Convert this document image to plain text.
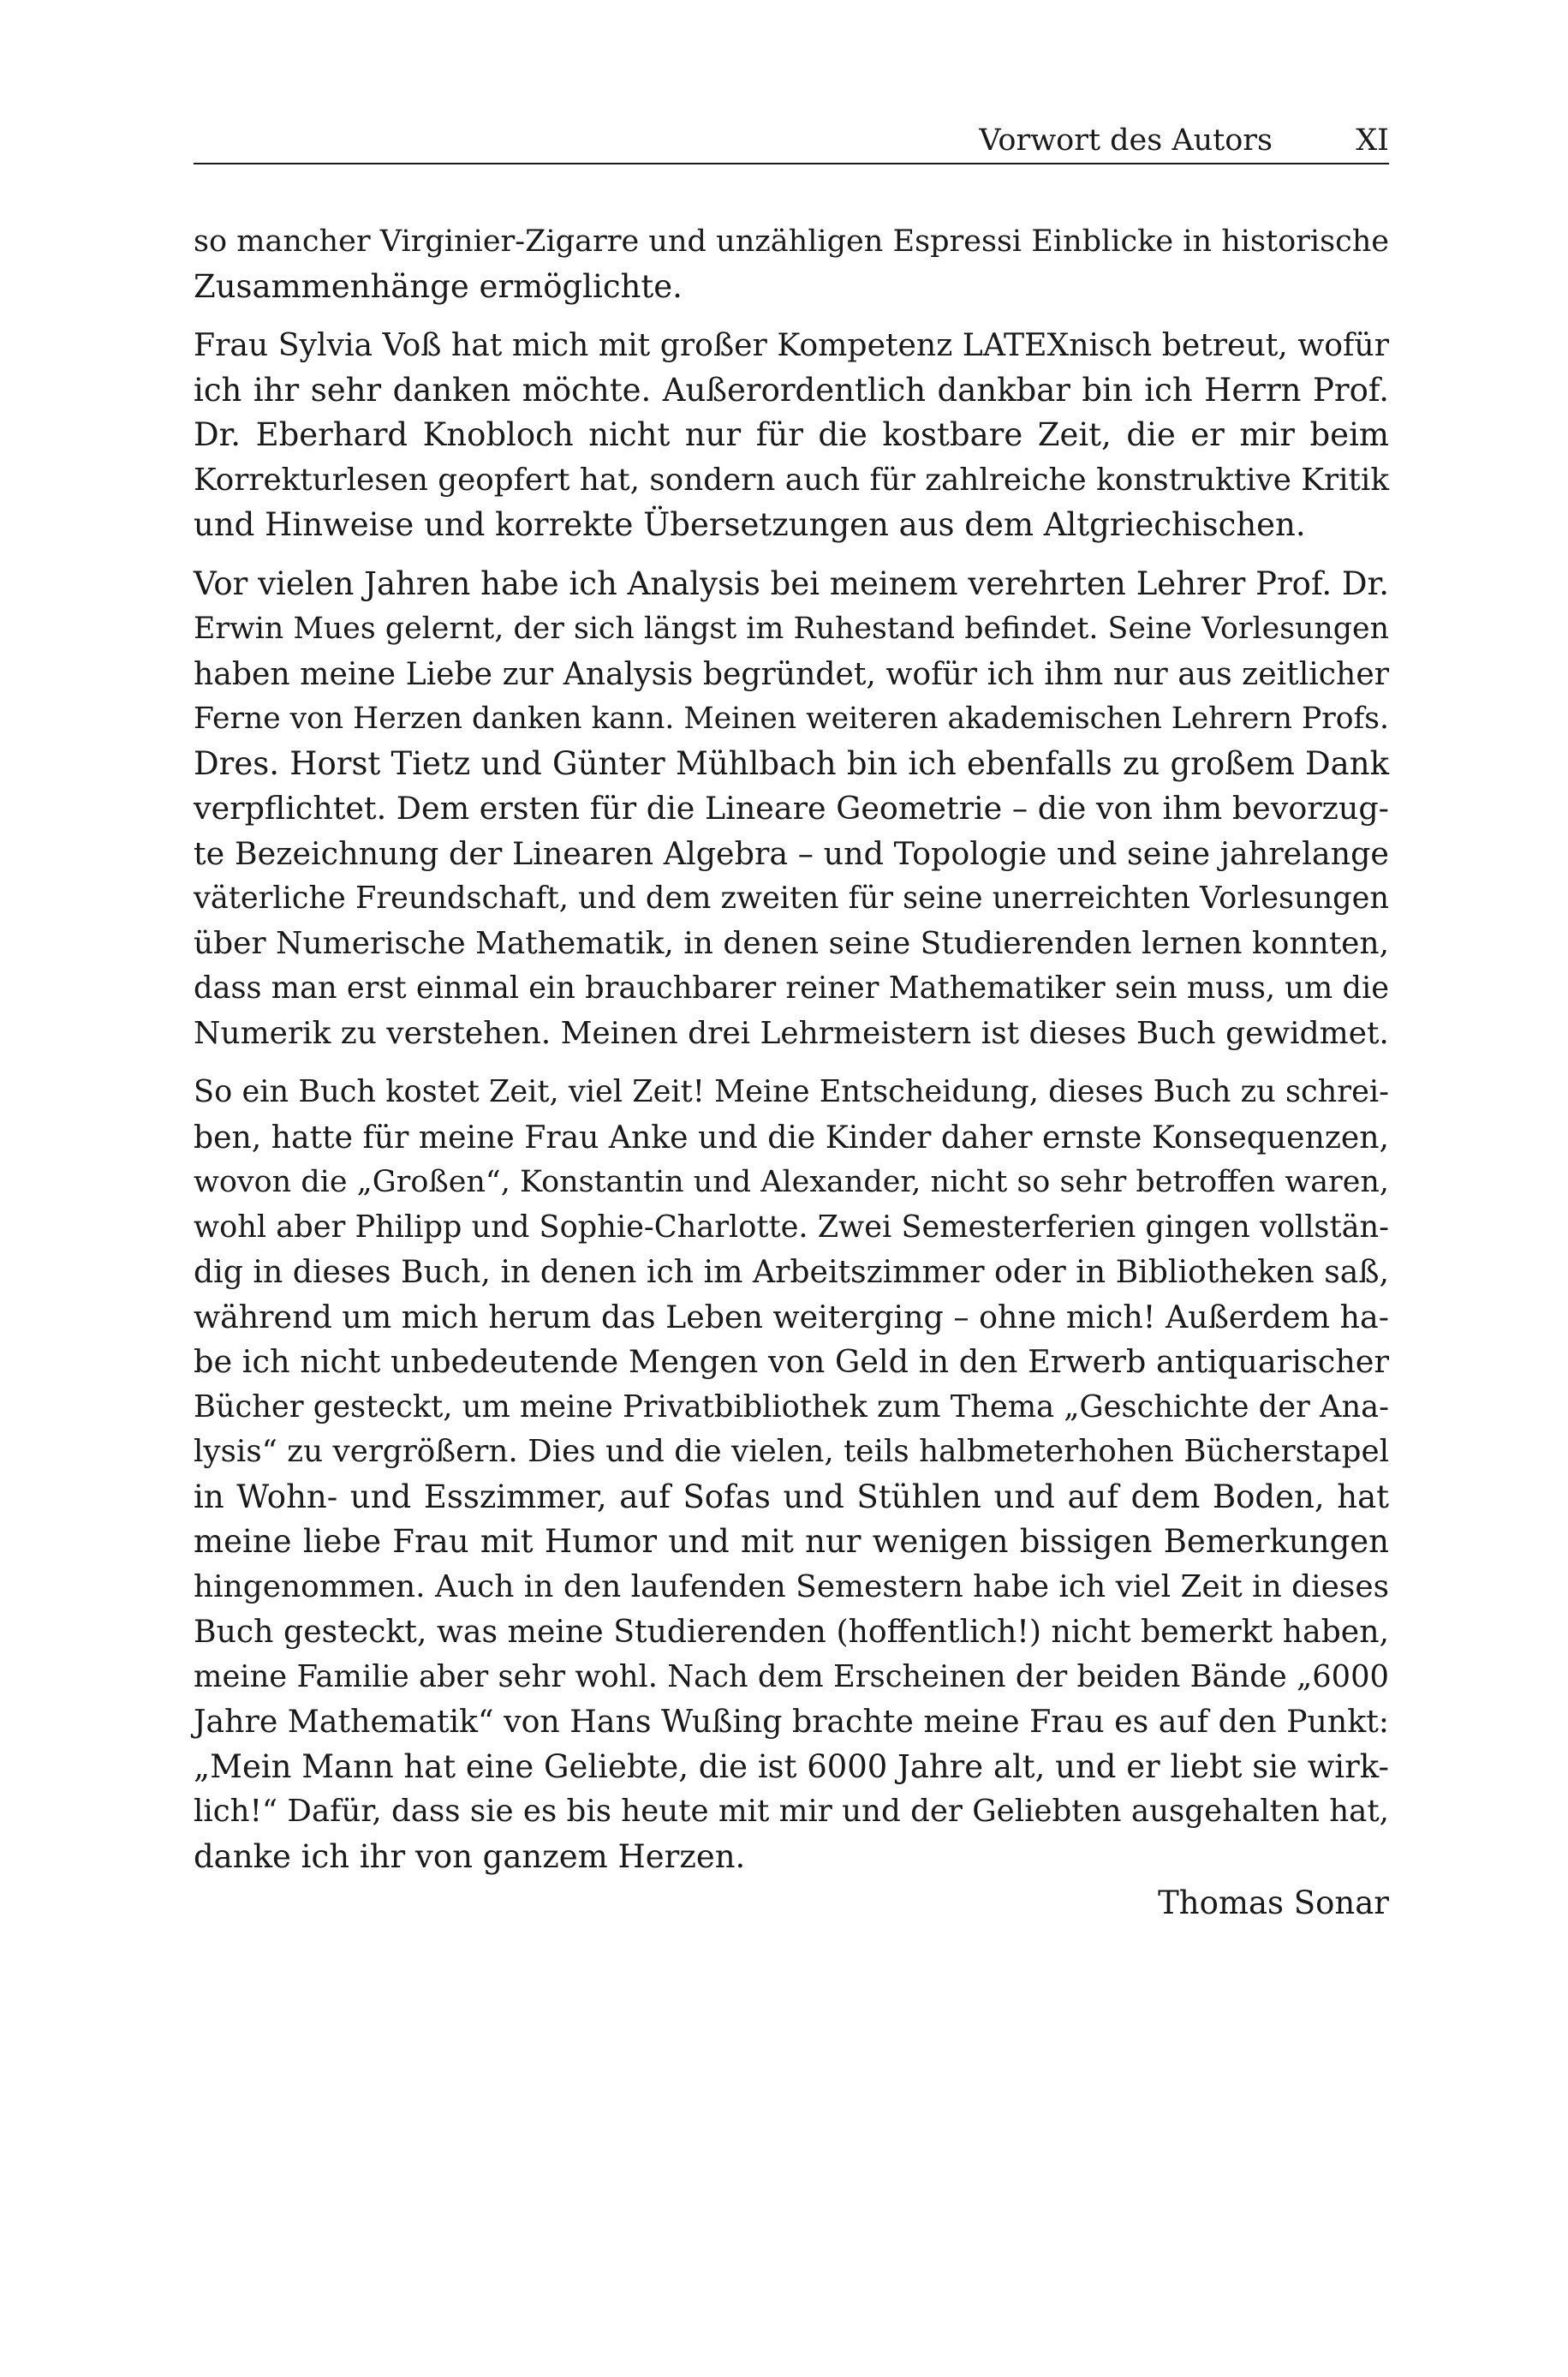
Vorwort des Autors	XI

so mancher Virginier-Zigarre und unzähligen Espressi Einblicke in historische
Zusammenhänge ermöglichte.

Frau Sylvia Voß hat mich mit großer Kompetenz LATEXnisch betreut, wofür
ich ihr sehr danken möchte. Außerordentlich dankbar bin ich Herrn Prof.
Dr. Eberhard Knobloch nicht nur für die kostbare Zeit, die er mir beim
Korrekturlesen geopfert hat, sondern auch für zahlreiche konstruktive Kritik
und Hinweise und korrekte Übersetzungen aus dem Altgriechischen.

Vor vielen Jahren habe ich Analysis bei meinem verehrten Lehrer Prof. Dr.
Erwin Mues gelernt, der sich längst im Ruhestand befindet. Seine Vorlesungen
haben meine Liebe zur Analysis begründet, wofür ich ihm nur aus zeitlicher
Ferne von Herzen danken kann. Meinen weiteren akademischen Lehrern Profs.
Dres. Horst Tietz und Günter Mühlbach bin ich ebenfalls zu großem Dank
verpflichtet. Dem ersten für die Lineare Geometrie – die von ihm bevorzug-
te Bezeichnung der Linearen Algebra – und Topologie und seine jahrelange
väterliche Freundschaft, und dem zweiten für seine unerreichten Vorlesungen
über Numerische Mathematik, in denen seine Studierenden lernen konnten,
dass man erst einmal ein brauchbarer reiner Mathematiker sein muss, um die
Numerik zu verstehen. Meinen drei Lehrmeistern ist dieses Buch gewidmet.

So ein Buch kostet Zeit, viel Zeit! Meine Entscheidung, dieses Buch zu schrei-
ben, hatte für meine Frau Anke und die Kinder daher ernste Konsequenzen,
wovon die „Großen“, Konstantin und Alexander, nicht so sehr betroffen waren,
wohl aber Philipp und Sophie-Charlotte. Zwei Semesterferien gingen vollstän-
dig in dieses Buch, in denen ich im Arbeitszimmer oder in Bibliotheken saß,
während um mich herum das Leben weiterging – ohne mich! Außerdem ha-
be ich nicht unbedeutende Mengen von Geld in den Erwerb antiquarischer
Bücher gesteckt, um meine Privatbibliothek zum Thema „Geschichte der Ana-
lysis“ zu vergrößern. Dies und die vielen, teils halbmeterhohen Bücherstapel
in Wohn- und Esszimmer, auf Sofas und Stühlen und auf dem Boden, hat
meine liebe Frau mit Humor und mit nur wenigen bissigen Bemerkungen
hingenommen. Auch in den laufenden Semestern habe ich viel Zeit in dieses
Buch gesteckt, was meine Studierenden (hoffentlich!) nicht bemerkt haben,
meine Familie aber sehr wohl. Nach dem Erscheinen der beiden Bände „6000
Jahre Mathematik“ von Hans Wußing brachte meine Frau es auf den Punkt:
„Mein Mann hat eine Geliebte, die ist 6000 Jahre alt, und er liebt sie wirk-
lich!“ Dafür, dass sie es bis heute mit mir und der Geliebten ausgehalten hat,
danke ich ihr von ganzem Herzen.

Thomas Sonar
